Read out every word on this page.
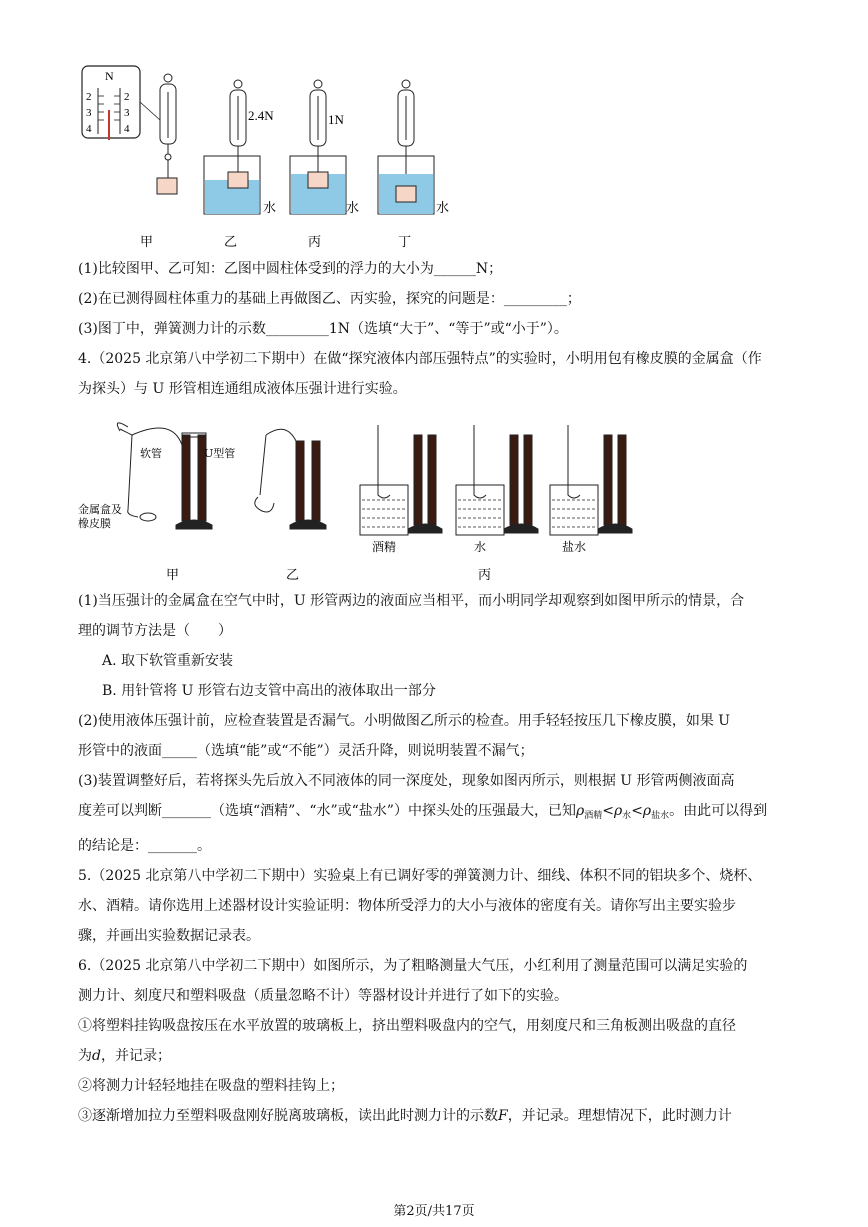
N
2
3
4
2
3
4
2.4N
水
1N
水	水
甲	乙	丙	丁
(1)比较图甲、乙可知：乙图中圆柱体受到的浮力的大小为______N；
(2)在已测得圆柱体重力的基础上再做图乙、丙实验，探究的问题是：_________；
(3)图丁中，弹簧测力计的示数_________1N（选填“大于”、“等于”或“小于”）。
4.（2025 北京第八中学初二下期中）在做“探究液体内部压强特点”的实验时，小明用包有橡皮膜的金属盒（作
为探头）与 U 形管相连通组成液体压强计进行实验。
软管	U型管
金属盒及
橡皮膜
酒精	水	盐水
甲	乙	丙
(1)当压强计的金属盒在空气中时，U 形管两边的液面应当相平，而小明同学却观察到如图甲所示的情景，合
理的调节方法是（　　）
A. 取下软管重新安装
B. 用针管将 U 形管右边支管中高出的液体取出一部分
(2)使用液体压强计前，应检查装置是否漏气。小明做图乙所示的检查。用手轻轻按压几下橡皮膜，如果 U
形管中的液面_____（选填“能”或“不能”）灵活升降，则说明装置不漏气；
(3)装置调整好后，若将探头先后放入不同液体的同一深度处，现象如图丙所示，则根据 U 形管两侧液面高
度差可以判断_______（选填“酒精”、“水”或“盐水”）中探头处的压强最大，已知$\rho_{酒精}<\rho_水<\rho_{盐水}$。由此可以得到
的结论是：_______。
5.（2025 北京第八中学初二下期中）实验桌上有已调好零的弹簧测力计、细线、体积不同的铝块多个、烧杯、
水、酒精。请你选用上述器材设计实验证明：物体所受浮力的大小与液体的密度有关。请你写出主要实验步
骤，并画出实验数据记录表。
6.（2025 北京第八中学初二下期中）如图所示，为了粗略测量大气压，小红利用了测量范围可以满足实验的
测力计、刻度尺和塑料吸盘（质量忽略不计）等器材设计并进行了如下的实验。
①将塑料挂钩吸盘按压在水平放置的玻璃板上，挤出塑料吸盘内的空气，用刻度尺和三角板测出吸盘的直径
为d，并记录；
②将测力计轻轻地挂在吸盘的塑料挂钩上；
③逐渐增加拉力至塑料吸盘刚好脱离玻璃板，读出此时测力计的示数F，并记录。理想情况下，此时测力计
第2页/共17页
